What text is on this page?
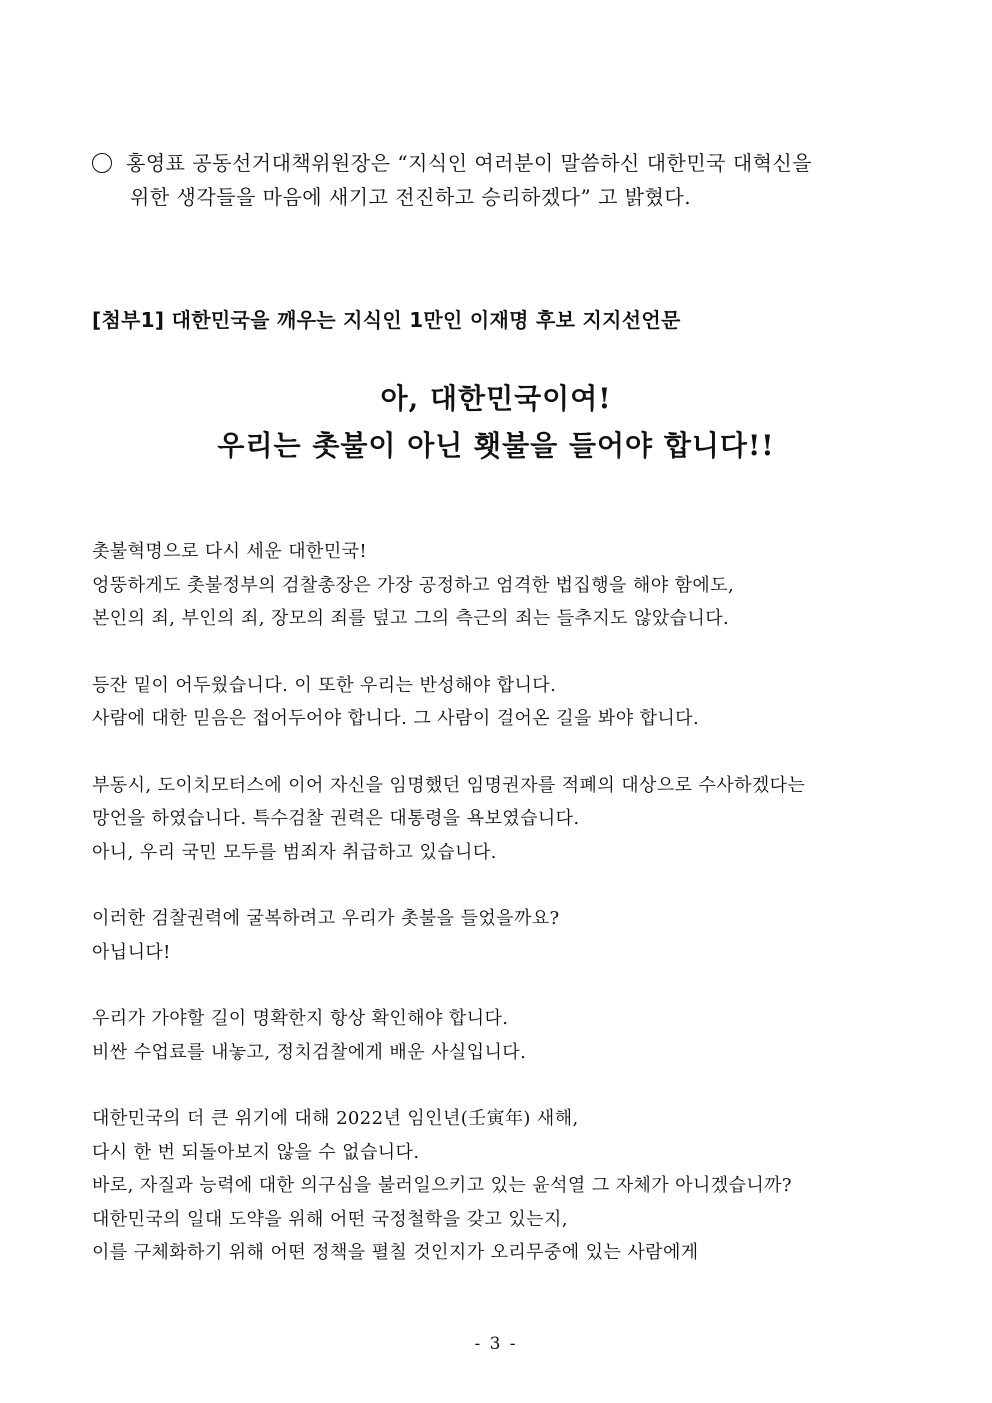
홍영표 공동선거대책위원장은 “지식인 여러분이 말씀하신 대한민국 대혁신을
위한 생각들을 마음에 새기고 전진하고 승리하겠다” 고 밝혔다.
[첨부1] 대한민국을 깨우는 지식인 1만인 이재명 후보 지지선언문
아, 대한민국이여!
우리는 촛불이 아닌 횃불을 들어야 합니다!!
촛불혁명으로 다시 세운 대한민국!
엉뚱하게도 촛불정부의 검찰총장은 가장 공정하고 엄격한 법집행을 해야 함에도,
본인의 죄, 부인의 죄, 장모의 죄를 덮고 그의 측근의 죄는 들추지도 않았습니다.
등잔 밑이 어두웠습니다. 이 또한 우리는 반성해야 합니다.
사람에 대한 믿음은 접어두어야 합니다. 그 사람이 걸어온 길을 봐야 합니다.
부동시, 도이치모터스에 이어 자신을 임명했던 임명권자를 적폐의 대상으로 수사하겠다는
망언을 하였습니다. 특수검찰 권력은 대통령을 욕보였습니다.
아니, 우리 국민 모두를 범죄자 취급하고 있습니다.
이러한 검찰권력에 굴복하려고 우리가 촛불을 들었을까요?
아닙니다!
우리가 가야할 길이 명확한지 항상 확인해야 합니다.
비싼 수업료를 내놓고, 정치검찰에게 배운 사실입니다.
대한민국의 더 큰 위기에 대해 2022년 임인년(壬寅年) 새해,
다시 한 번 되돌아보지 않을 수 없습니다.
바로, 자질과 능력에 대한 의구심을 불러일으키고 있는 윤석열 그 자체가 아니겠습니까?
대한민국의 일대 도약을 위해 어떤 국정철학을 갖고 있는지,
이를 구체화하기 위해 어떤 정책을 펼칠 것인지가 오리무중에 있는 사람에게
- 3 -
